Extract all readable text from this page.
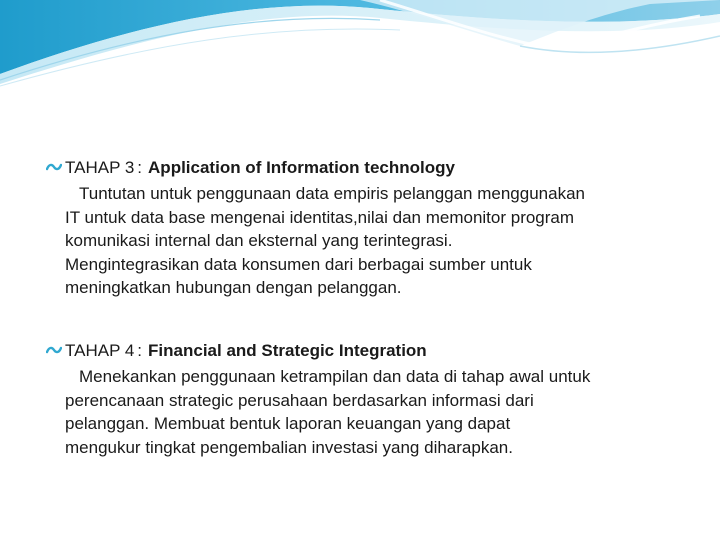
TAHAP 3 : Application of Information technology
Tuntutan untuk penggunaan data empiris pelanggan menggunakan
IT untuk data base mengenai identitas,nilai dan memonitor program
komunikasi internal dan eksternal yang terintegrasi.
Mengintegrasikan data konsumen dari berbagai sumber untuk
meningkatkan hubungan dengan pelanggan.
TAHAP 4 : Financial and Strategic Integration
Menekankan penggunaan ketrampilan dan data di tahap awal untuk
perencanaan strategic perusahaan berdasarkan informasi dari
pelanggan. Membuat bentuk laporan keuangan yang dapat
mengukur tingkat pengembalian investasi yang diharapkan.
